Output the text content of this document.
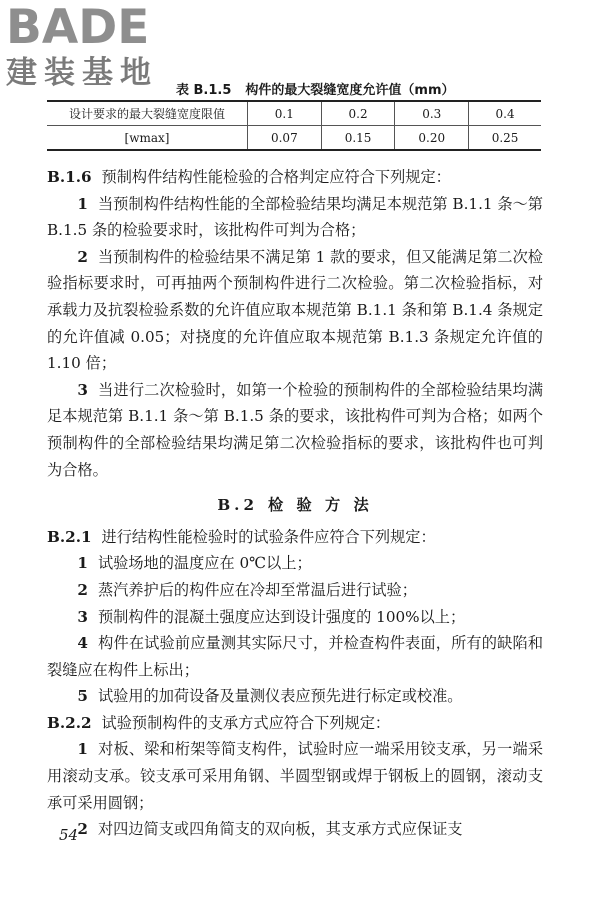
BADE
建装基地	表 B.1.5 构件的最大裂缝宽度允许值（mm）
设计要求的最大裂缝宽度限值	0.1	0.2	0.3	0.4
[wmax]	0.07	0.15	0.20	0.25

B.1.6 预制构件结构性能检验的合格判定应符合下列规定：

1 当预制构件结构性能的全部检验结果均满足本规范第 B.1.1 条～第 B.1.5 条的检验要求时，该批构件可判为合格；

2 当预制构件的检验结果不满足第 1 款的要求，但又能满足第二次检验指标要求时，可再抽两个预制构件进行二次检验。第二次检验指标，对承载力及抗裂检验系数的允许值应取本规范第 B.1.1 条和第 B.1.4 条规定的允许值减 0.05；对挠度的允许值应取本规范第 B.1.3 条规定允许值的 1.10 倍；

3 当进行二次检验时，如第一个检验的预制构件的全部检验结果均满足本规范第 B.1.1 条～第 B.1.5 条的要求，该批构件可判为合格；如两个预制构件的全部检验结果均满足第二次检验指标的要求，该批构件也可判为合格。

B.2 检 验 方 法

B.2.1 进行结构性能检验时的试验条件应符合下列规定：

1 试验场地的温度应在 0℃以上；

2 蒸汽养护后的构件应在冷却至常温后进行试验；

3 预制构件的混凝土强度应达到设计强度的 100%以上；

4 构件在试验前应量测其实际尺寸，并检查构件表面，所有的缺陷和裂缝应在构件上标出；

5 试验用的加荷设备及量测仪表应预先进行标定或校准。

B.2.2 试验预制构件的支承方式应符合下列规定：

1 对板、梁和桁架等简支构件，试验时应一端采用铰支承，另一端采用滚动支承。铰支承可采用角钢、半圆型钢或焊于钢板上的圆钢，滚动支承可采用圆钢；

2 对四边简支或四角简支的双向板，其支承方式应保证支

54
